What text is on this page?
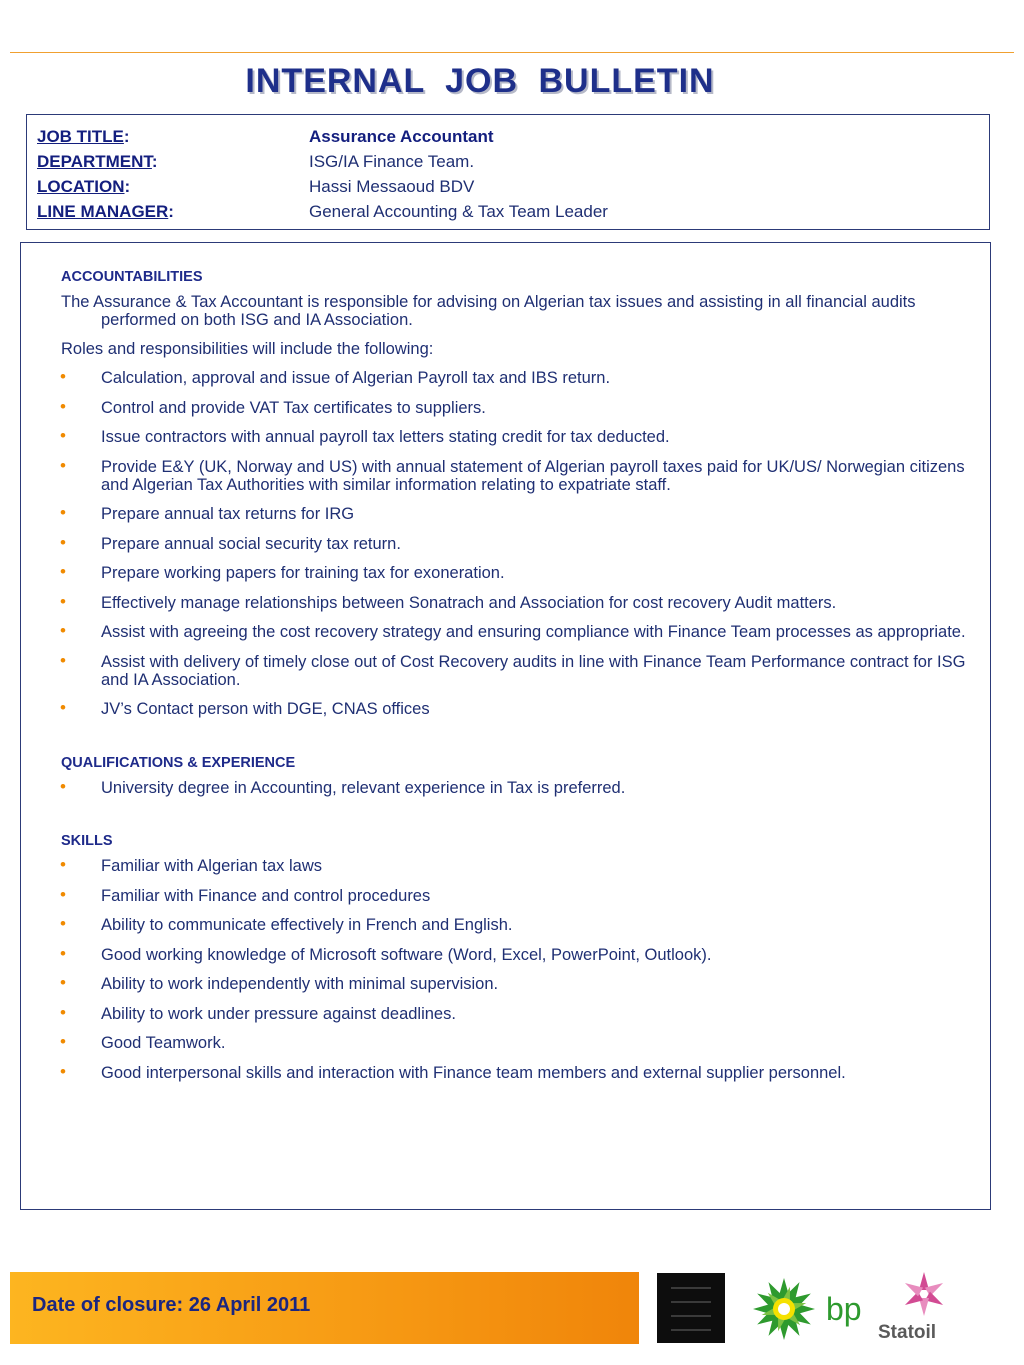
INTERNAL JOB BULLETIN
JOB TITLE:	Assurance Accountant
DEPARTMENT:	ISG/IA Finance Team.
LOCATION:	Hassi Messaoud BDV
LINE MANAGER:	General Accounting & Tax Team Leader
ACCOUNTABILITIES

The Assurance & Tax Accountant is responsible for advising on Algerian tax issues and assisting in all financial audits performed on both ISG and IA Association.

Roles and responsibilities will include the following:

• Calculation, approval and issue of Algerian Payroll tax and IBS return.
• Control and provide VAT Tax certificates to suppliers.
• Issue contractors with annual payroll tax letters stating credit for tax deducted.
• Provide E&Y (UK, Norway and US) with annual statement of Algerian payroll taxes paid for UK/US/ Norwegian citizens and Algerian Tax Authorities with similar information relating to expatriate staff.
• Prepare annual tax returns for IRG
• Prepare annual social security tax return.
• Prepare working papers for training tax for exoneration.
• Effectively manage relationships between Sonatrach and Association for cost recovery Audit matters.
• Assist with agreeing the cost recovery strategy and ensuring compliance with Finance Team processes as appropriate.
• Assist with delivery of timely close out of Cost Recovery audits in line with Finance Team Performance contract for ISG and IA Association.
• JV’s Contact person with DGE, CNAS offices
QUALIFICATIONS & EXPERIENCE
• University degree in Accounting, relevant experience in Tax is preferred.
SKILLS
• Familiar with Algerian tax laws
• Familiar with Finance and control procedures
• Ability to communicate effectively in French and English.
• Good working knowledge of Microsoft software (Word, Excel, PowerPoint, Outlook).
• Ability to work independently with minimal supervision.
• Ability to work under pressure against deadlines.
• Good Teamwork.
• Good interpersonal skills and interaction with Finance team members and external supplier personnel.
Date of closure: 26 April 2011	bp
Statoil
